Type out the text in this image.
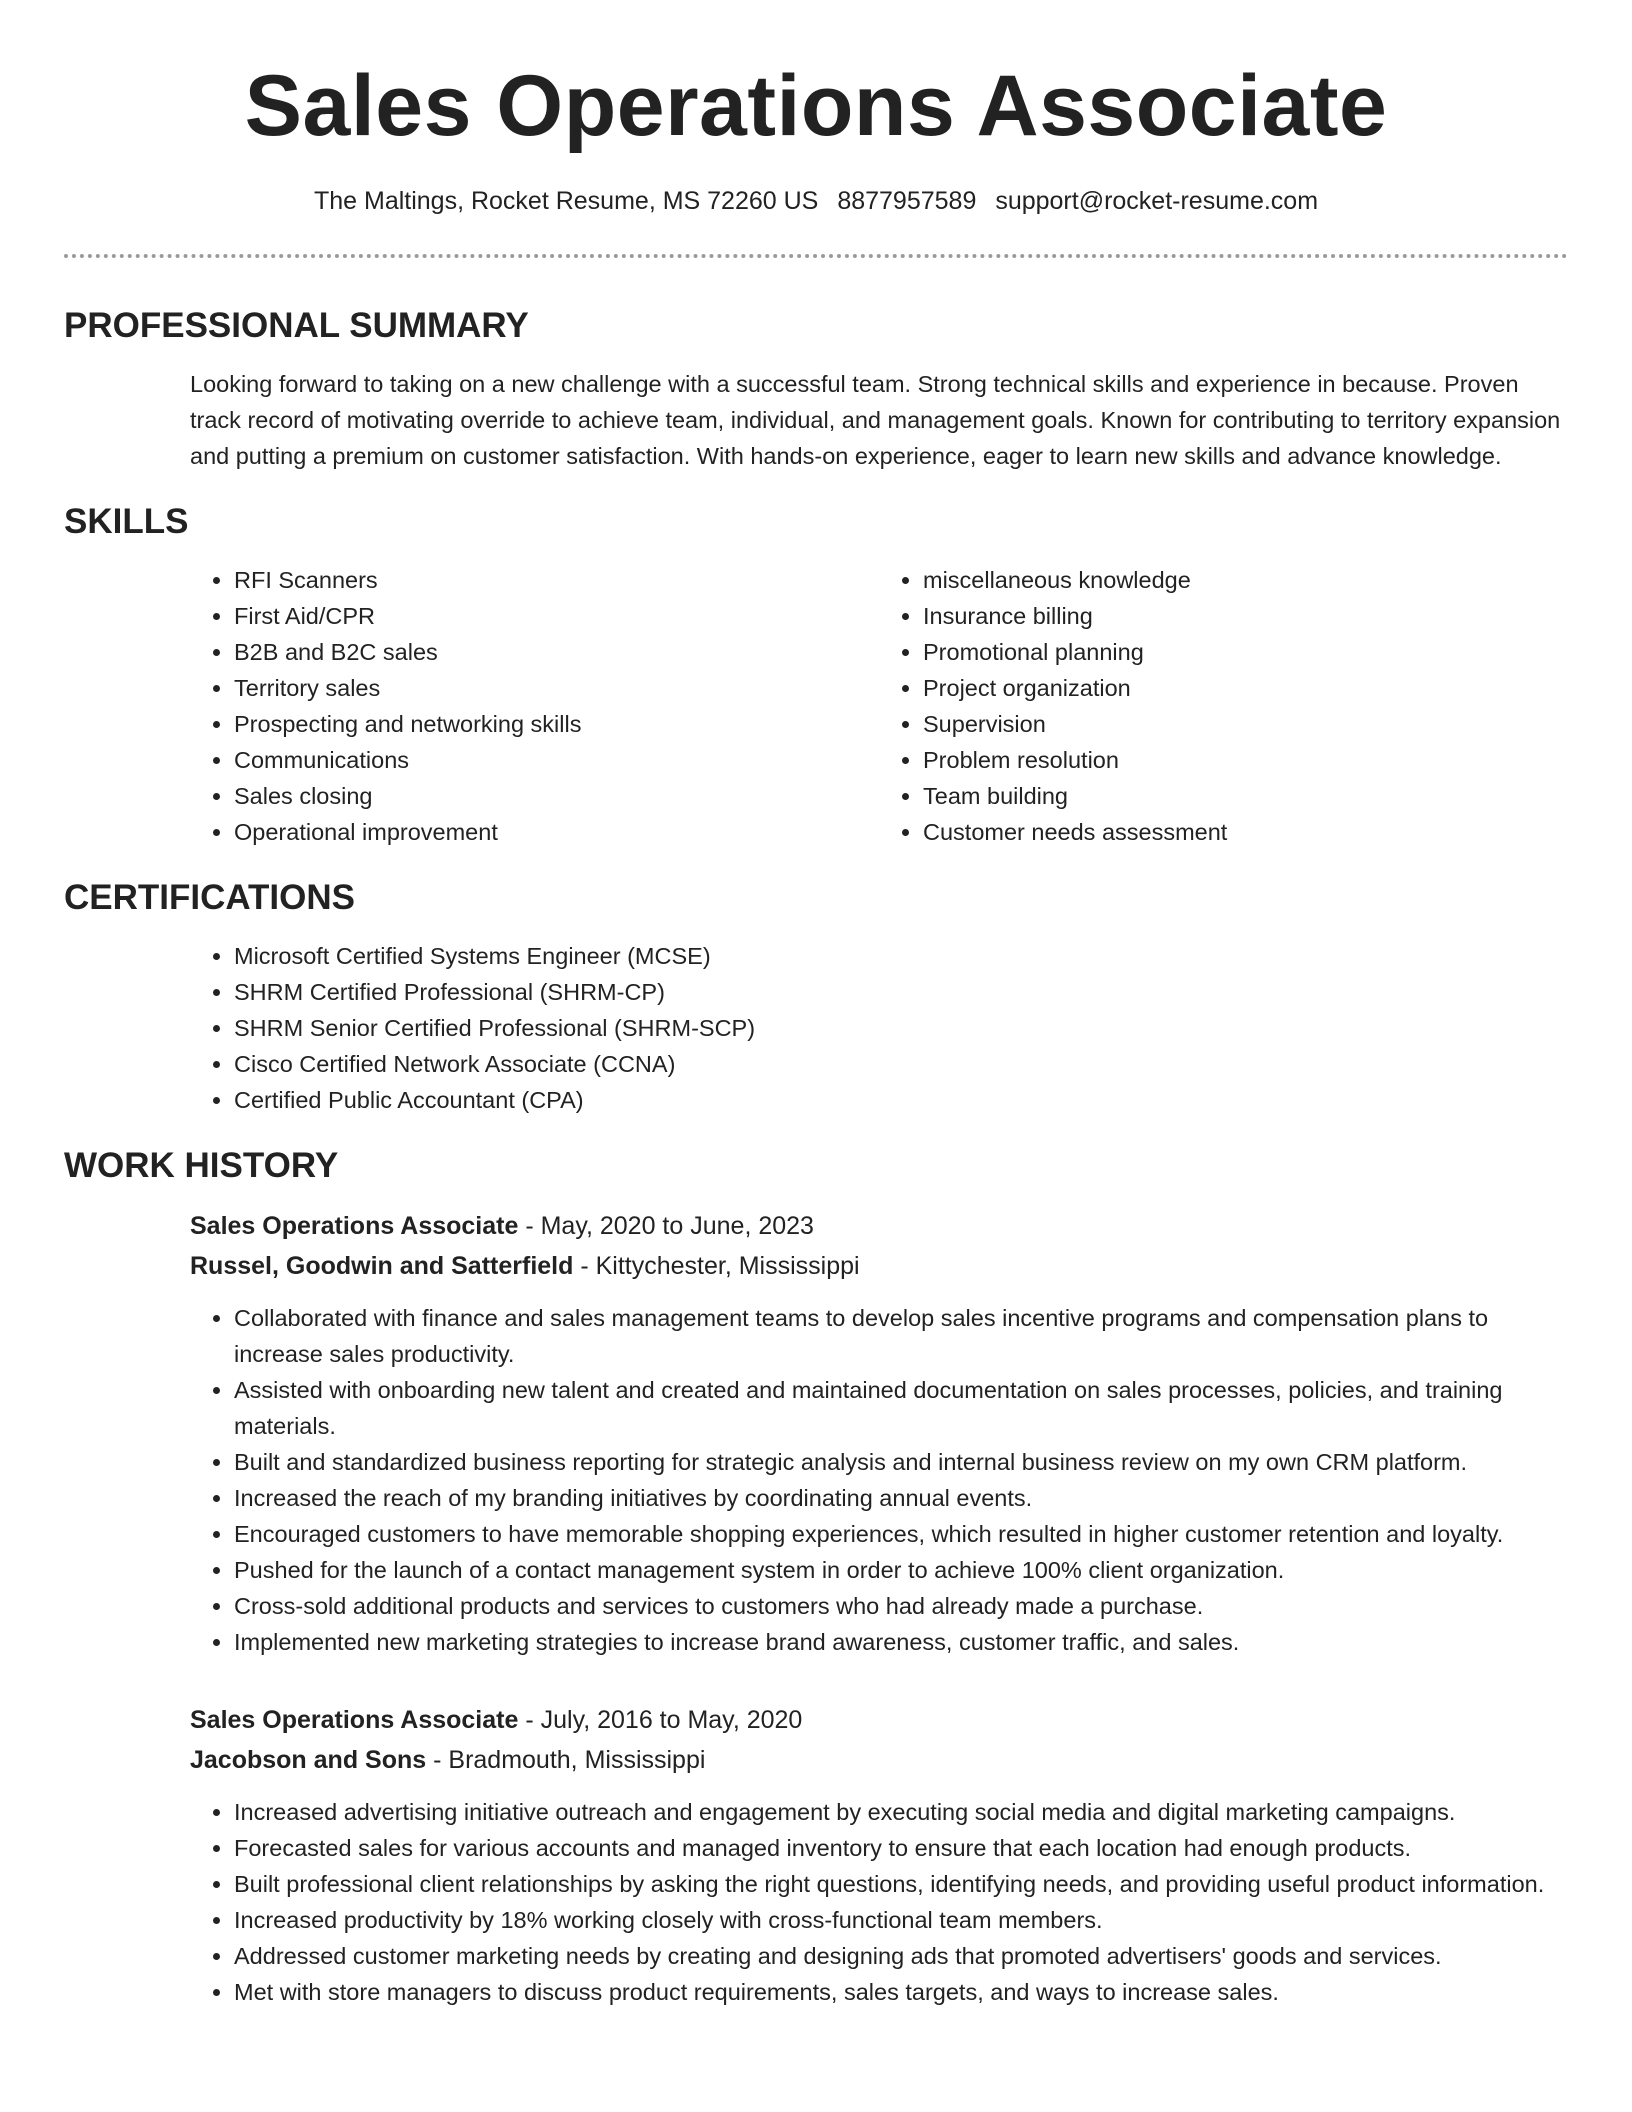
Sales Operations Associate
The Maltings, Rocket Resume, MS 72260 US 8877957589 support@rocket-resume.com
PROFESSIONAL SUMMARY

Looking forward to taking on a new challenge with a successful team. Strong technical skills and experience in because. Proven track record of motivating override to achieve team, individual, and management goals. Known for contributing to territory expansion and putting a premium on customer satisfaction. With hands-on experience, eager to learn new skills and advance knowledge.

SKILLS
• RFI Scanners
• First Aid/CPR
• B2B and B2C sales
• Territory sales
• Prospecting and networking skills
• Communications
• Sales closing
• Operational improvement
• miscellaneous knowledge
• Insurance billing
• Promotional planning
• Project organization
• Supervision
• Problem resolution
• Team building
• Customer needs assessment
CERTIFICATIONS
• Microsoft Certified Systems Engineer (MCSE)
• SHRM Certified Professional (SHRM-CP)
• SHRM Senior Certified Professional (SHRM-SCP)
• Cisco Certified Network Associate (CCNA)
• Certified Public Accountant (CPA)
WORK HISTORY
Sales Operations Associate - May, 2020 to June, 2023
Russel, Goodwin and Satterfield - Kittychester, Mississippi
• Collaborated with finance and sales management teams to develop sales incentive programs and compensation plans to increase sales productivity.
• Assisted with onboarding new talent and created and maintained documentation on sales processes, policies, and training materials.
• Built and standardized business reporting for strategic analysis and internal business review on my own CRM platform.
• Increased the reach of my branding initiatives by coordinating annual events.
• Encouraged customers to have memorable shopping experiences, which resulted in higher customer retention and loyalty.
• Pushed for the launch of a contact management system in order to achieve 100% client organization.
• Cross-sold additional products and services to customers who had already made a purchase.
• Implemented new marketing strategies to increase brand awareness, customer traffic, and sales.
Sales Operations Associate - July, 2016 to May, 2020
Jacobson and Sons - Bradmouth, Mississippi
• Increased advertising initiative outreach and engagement by executing social media and digital marketing campaigns.
• Forecasted sales for various accounts and managed inventory to ensure that each location had enough products.
• Built professional client relationships by asking the right questions, identifying needs, and providing useful product information.
• Increased productivity by 18% working closely with cross-functional team members.
• Addressed customer marketing needs by creating and designing ads that promoted advertisers' goods and services.
• Met with store managers to discuss product requirements, sales targets, and ways to increase sales.
